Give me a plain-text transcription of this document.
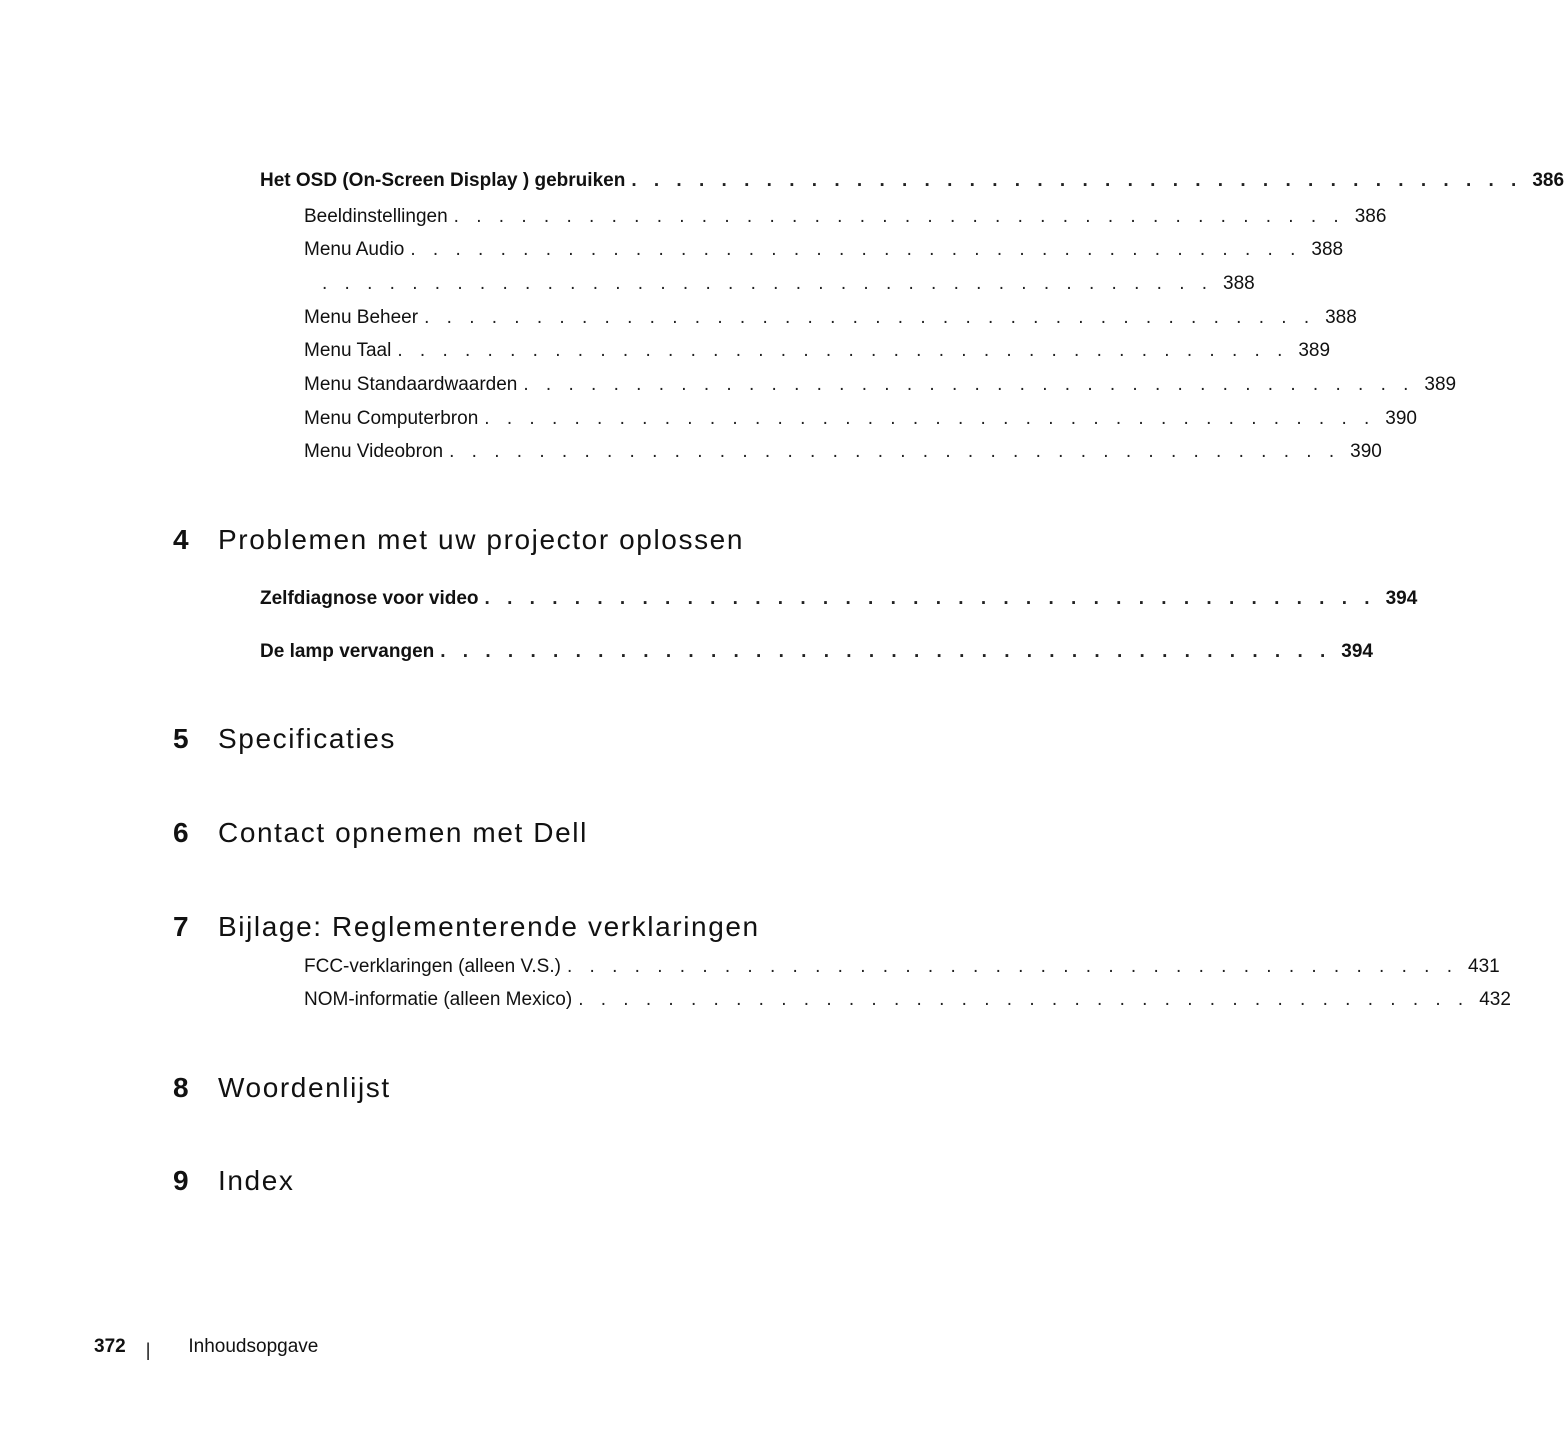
Het OSD (On-Screen Display ) gebruiken . . . . . . . . . . . . . . . . . . . . . . . . . . . . . . . . . . . . . . . . 386
Beeldinstellingen . . . . . . . . . . . . . . . . . . . . . . . . . . . . . . . . . . . . . . . . 386
Menu Audio . . . . . . . . . . . . . . . . . . . . . . . . . . . . . . . . . . . . . . . . 388
. . . . . . . . . . . . . . . . . . . . . . . . . . . . . . . . . . . . . . . . 388
Menu Beheer . . . . . . . . . . . . . . . . . . . . . . . . . . . . . . . . . . . . . . . . 388
Menu Taal . . . . . . . . . . . . . . . . . . . . . . . . . . . . . . . . . . . . . . . . 389
Menu Standaardwaarden . . . . . . . . . . . . . . . . . . . . . . . . . . . . . . . . . . . . . . . . 389
Menu Computerbron . . . . . . . . . . . . . . . . . . . . . . . . . . . . . . . . . . . . . . . . 390
Menu Videobron . . . . . . . . . . . . . . . . . . . . . . . . . . . . . . . . . . . . . . . . 390
4	Problemen met uw projector oplossen
Zelfdiagnose voor video . . . . . . . . . . . . . . . . . . . . . . . . . . . . . . . . . . . . . . . . 394
De lamp vervangen . . . . . . . . . . . . . . . . . . . . . . . . . . . . . . . . . . . . . . . . 394
5	Specificaties
6	Contact opnemen met Dell
7	Bijlage: Reglementerende verklaringen
FCC-verklaringen (alleen V.S.) . . . . . . . . . . . . . . . . . . . . . . . . . . . . . . . . . . . . . . . . 431
NOM-informatie (alleen Mexico) . . . . . . . . . . . . . . . . . . . . . . . . . . . . . . . . . . . . . . . . 432
8	Woordenlijst
9	Index
372 | Inhoudsopgave
